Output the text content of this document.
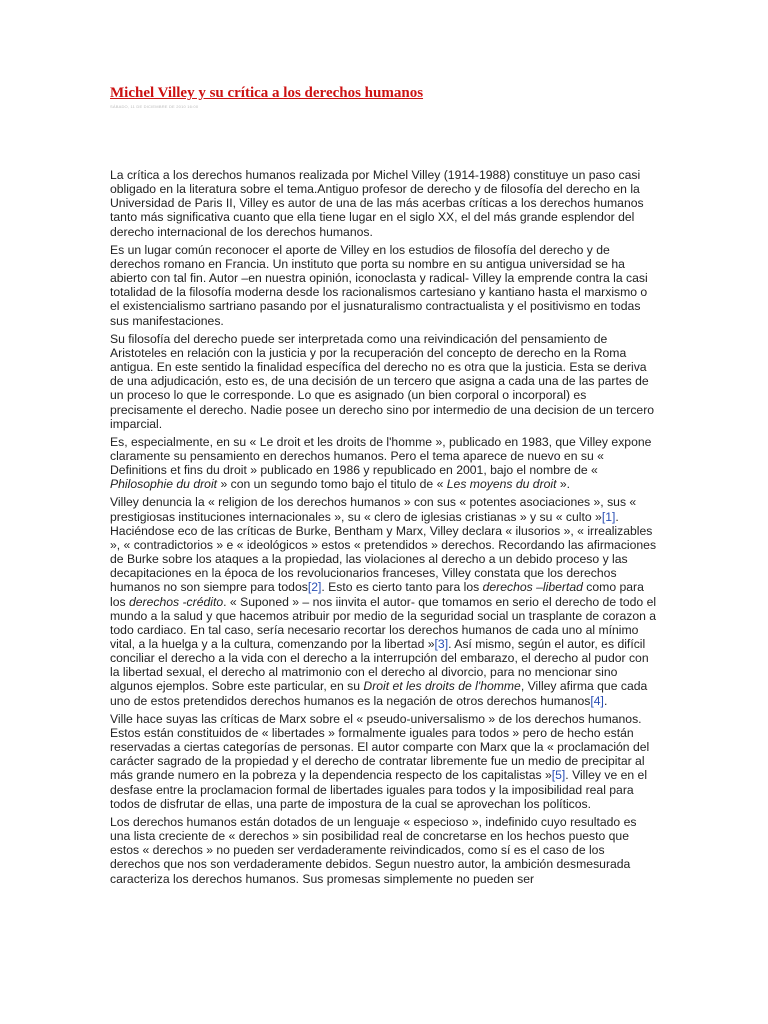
Michel Villey y su crítica a los derechos humanos
SÁBADO, 11 DE DICIEMBRE DE 2010 16:00

La crítica a los derechos humanos realizada por Michel Villey (1914-1988) constituye un paso casi obligado en la literatura sobre el tema.Antiguo profesor de derecho y de filosofía del derecho en la Universidad de Paris II, Villey es autor de una de las más acerbas críticas a los derechos humanos tanto más significativa cuanto que ella tiene lugar en el siglo XX, el del más grande esplendor del derecho internacional de los derechos humanos.

Es un lugar común reconocer el aporte de Villey en los estudios de filosofía del derecho y de derechos romano en Francia. Un instituto que porta su nombre en su antigua universidad se ha abierto con tal fin. Autor –en nuestra opinión, iconoclasta y radical- Villey la emprende contra la casi totalidad de la filosofía moderna desde los racionalismos cartesiano y kantiano hasta el marxismo o el existencialismo sartriano pasando por el jusnaturalismo contractualista y el positivismo en todas sus manifestaciones.

Su filosofía del derecho puede ser interpretada como una reivindicación del pensamiento de Aristoteles en relación con la justicia y por la recuperación del concepto de derecho en la Roma antigua. En este sentido la finalidad específica del derecho no es otra que la justicia. Esta se deriva de una adjudicación, esto es, de una decisión de un tercero que asigna a cada una de las partes de un proceso lo que le corresponde. Lo que es asignado (un bien corporal o incorporal) es precisamente el derecho. Nadie posee un derecho sino por intermedio de una decision de un tercero imparcial.

Es, especialmente, en su « Le droit et les droits de l'homme », publicado en 1983, que Villey expone claramente su pensamiento en derechos humanos. Pero el tema aparece de nuevo en su « Definitions et fins du droit » publicado en 1986 y republicado en 2001, bajo el nombre de « Philosophie du droit » con un segundo tomo bajo el titulo de « Les moyens du droit ».

Villey denuncia la « religion de los derechos humanos » con sus « potentes asociaciones », sus « prestigiosas instituciones internacionales », su « clero de iglesias cristianas » y su « culto »[1]. Haciéndose eco de las críticas de Burke, Bentham y Marx, Villey declara « ilusorios », « irrealizables », « contradictorios » e « ideológicos » estos « pretendidos » derechos. Recordando las afirmaciones de Burke sobre los ataques a la propiedad, las violaciones al derecho a un debido proceso y las decapitaciones en la época de los revolucionarios franceses, Villey constata que los derechos humanos no son siempre para todos[2]. Esto es cierto tanto para los derechos –libertad como para los derechos -crédito. « Suponed » – nos iinvita el autor- que tomamos en serio el derecho de todo el mundo a la salud y que hacemos atribuir por medio de la seguridad social un trasplante de corazon a todo cardiaco. En tal caso, sería necesario recortar los derechos humanos de cada uno al mínimo vital, a la huelga y a la cultura, comenzando por la libertad »[3]. Así mismo, según el autor, es difícil conciliar el derecho a la vida con el derecho a la interrupción del embarazo, el derecho al pudor con la libertad sexual, el derecho al matrimonio con el derecho al divorcio, para no mencionar sino algunos ejemplos. Sobre este particular, en su Droit et les droits de l'homme, Villey afirma que cada uno de estos pretendidos derechos humanos es la negación de otros derechos humanos[4].

Ville hace suyas las críticas de Marx sobre el « pseudo-universalismo » de los derechos humanos. Estos están constituidos de « libertades » formalmente iguales para todos » pero de hecho están reservadas a ciertas categorías de personas. El autor comparte con Marx que la « proclamación del carácter sagrado de la propiedad y el derecho de contratar libremente fue un medio de precipitar al más grande numero en la pobreza y la dependencia respecto de los capitalistas »[5]. Villey ve en el desfase entre la proclamacion formal de libertades iguales para todos y la imposibilidad real para todos de disfrutar de ellas, una parte de impostura de la cual se aprovechan los políticos.

Los derechos humanos están dotados de un lenguaje « especioso », indefinido cuyo resultado es una lista creciente de « derechos » sin posibilidad real de concretarse en los hechos puesto que estos « derechos » no pueden ser verdaderamente reivindicados, como sí es el caso de los derechos que nos son verdaderamente debidos. Segun nuestro autor, la ambición desmesurada caracteriza los derechos humanos. Sus promesas simplemente no pueden ser
